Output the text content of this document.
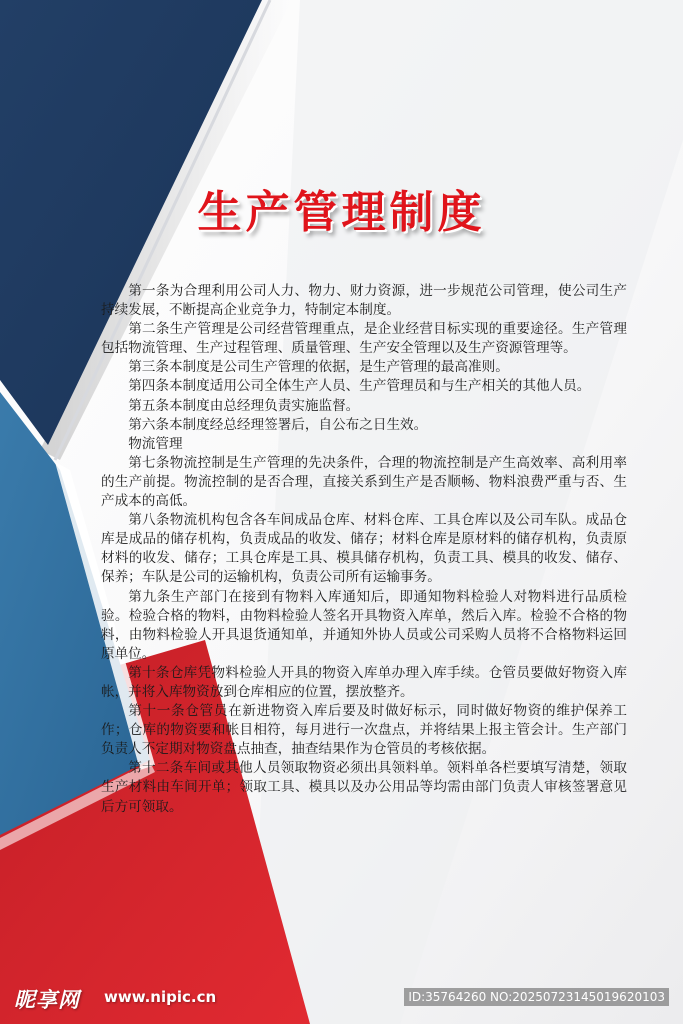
生产管理制度

第一条为合理利用公司人力、物力、财力资源，进一步规范公司管理，使公司生产持续发展，不断提高企业竞争力，特制定本制度。

第二条生产管理是公司经营管理重点，是企业经营目标实现的重要途径。生产管理包括物流管理、生产过程管理、质量管理、生产安全管理以及生产资源管理等。

第三条本制度是公司生产管理的依据，是生产管理的最高准则。

第四条本制度适用公司全体生产人员、生产管理员和与生产相关的其他人员。

第五条本制度由总经理负责实施监督。

第六条本制度经总经理签署后，自公布之日生效。

物流管理

第七条物流控制是生产管理的先决条件，合理的物流控制是产生高效率、高利用率的生产前提。物流控制的是否合理，直接关系到生产是否顺畅、物料浪费严重与否、生产成本的高低。

第八条物流机构包含各车间成品仓库、材料仓库、工具仓库以及公司车队。成品仓库是成品的储存机构，负责成品的收发、储存；材料仓库是原材料的储存机构，负责原材料的收发、储存；工具仓库是工具、模具储存机构，负责工具、模具的收发、储存、保养；车队是公司的运输机构，负责公司所有运输事务。

第九条生产部门在接到有物料入库通知后，即通知物料检验人对物料进行品质检验。检验合格的物料，由物料检验人签名开具物资入库单，然后入库。检验不合格的物料，由物料检验人开具退货通知单，并通知外协人员或公司采购人员将不合格物料运回原单位。

第十条仓库凭物料检验人开具的物资入库单办理入库手续。仓管员要做好物资入库帐，并将入库物资放到仓库相应的位置，摆放整齐。

第十一条仓管员在新进物资入库后要及时做好标示，同时做好物资的维护保养工作；仓库的物资要和帐目相符，每月进行一次盘点，并将结果上报主管会计。生产部门负责人不定期对物资盘点抽查，抽查结果作为仓管员的考核依据。

第十二条车间或其他人员领取物资必须出具领料单。领料单各栏要填写清楚，领取生产材料由车间开单；领取工具、模具以及办公用品等均需由部门负责人审核签署意见后方可领取。

昵享网 www.nipic.cn	ID:35764260 NO:20250723145019620103
